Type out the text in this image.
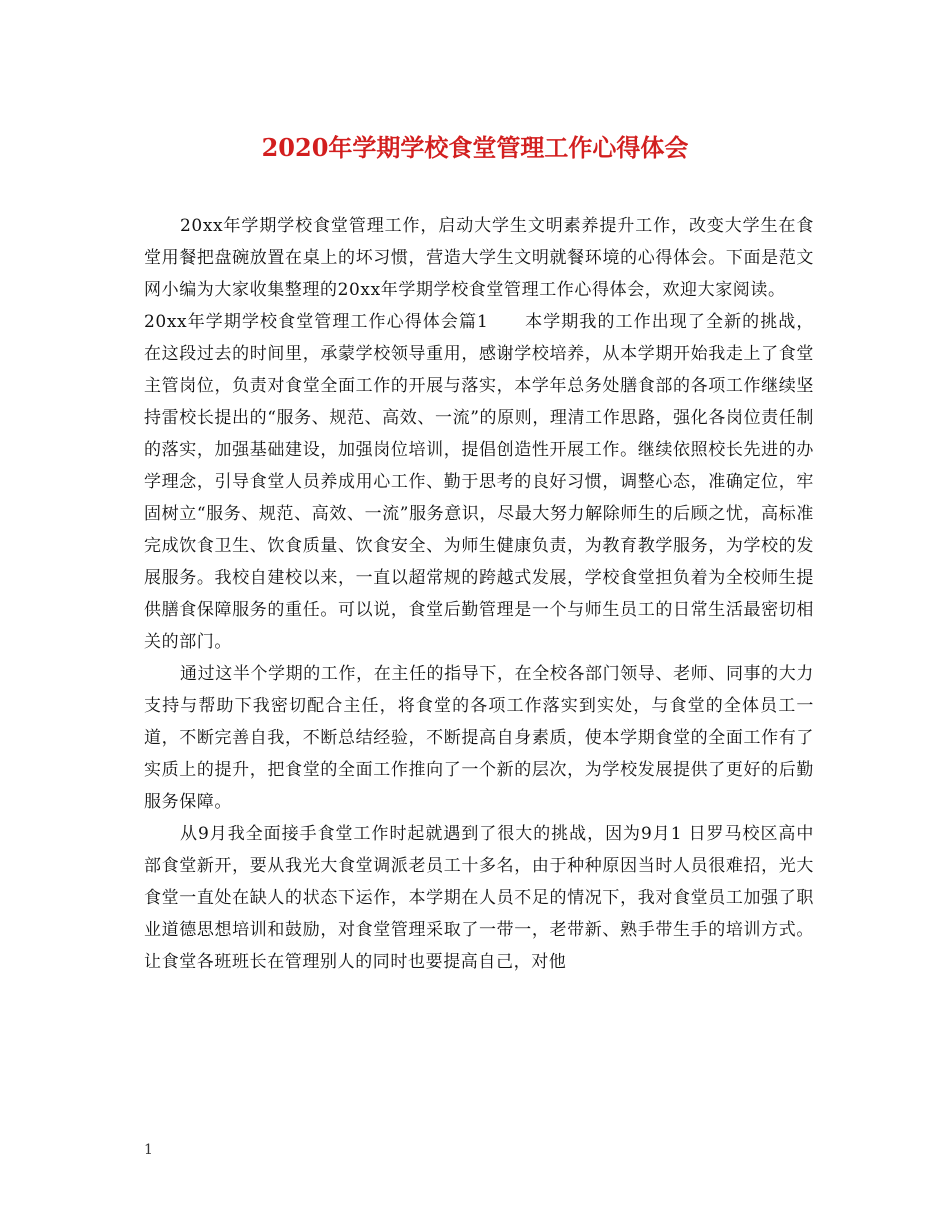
2020年学期学校食堂管理工作心得体会

20xx年学期学校食堂管理工作，启动大学生文明素养提升工作，改变大学生在食堂用餐把盘碗放置在桌上的坏习惯，营造大学生文明就餐环境的心得体会。下面是范文网小编为大家收集整理的20xx年学期学校食堂管理工作心得体会，欢迎大家阅读。

20xx年学期学校食堂管理工作心得体会篇1　　本学期我的工作出现了全新的挑战，在这段过去的时间里，承蒙学校领导重用，感谢学校培养，从本学期开始我走上了食堂主管岗位，负责对食堂全面工作的开展与落实，本学年总务处膳食部的各项工作继续坚持雷校长提出的“服务、规范、高效、一流”的原则，理清工作思路，强化各岗位责任制的落实，加强基础建设，加强岗位培训，提倡创造性开展工作。继续依照校长先进的办学理念，引导食堂人员养成用心工作、勤于思考的良好习惯，调整心态，准确定位，牢固树立“服务、规范、高效、一流”服务意识，尽最大努力解除师生的后顾之忧，高标准完成饮食卫生、饮食质量、饮食安全、为师生健康负责，为教育教学服务，为学校的发展服务。我校自建校以来，一直以超常规的跨越式发展，学校食堂担负着为全校师生提供膳食保障服务的重任。可以说，食堂后勤管理是一个与师生员工的日常生活最密切相关的部门。

通过这半个学期的工作，在主任的指导下，在全校各部门领导、老师、同事的大力支持与帮助下我密切配合主任，将食堂的各项工作落实到实处，与食堂的全体员工一道，不断完善自我，不断总结经验，不断提高自身素质，使本学期食堂的全面工作有了实质上的提升，把食堂的全面工作推向了一个新的层次，为学校发展提供了更好的后勤服务保障。

从9月我全面接手食堂工作时起就遇到了很大的挑战，因为9月1 日罗马校区高中部食堂新开，要从我光大食堂调派老员工十多名，由于种种原因当时人员很难招，光大食堂一直处在缺人的状态下运作，本学期在人员不足的情况下，我对食堂员工加强了职业道德思想培训和鼓励，对食堂管理采取了一带一，老带新、熟手带生手的培训方式。让食堂各班班长在管理别人的同时也要提高自己，对他

1
